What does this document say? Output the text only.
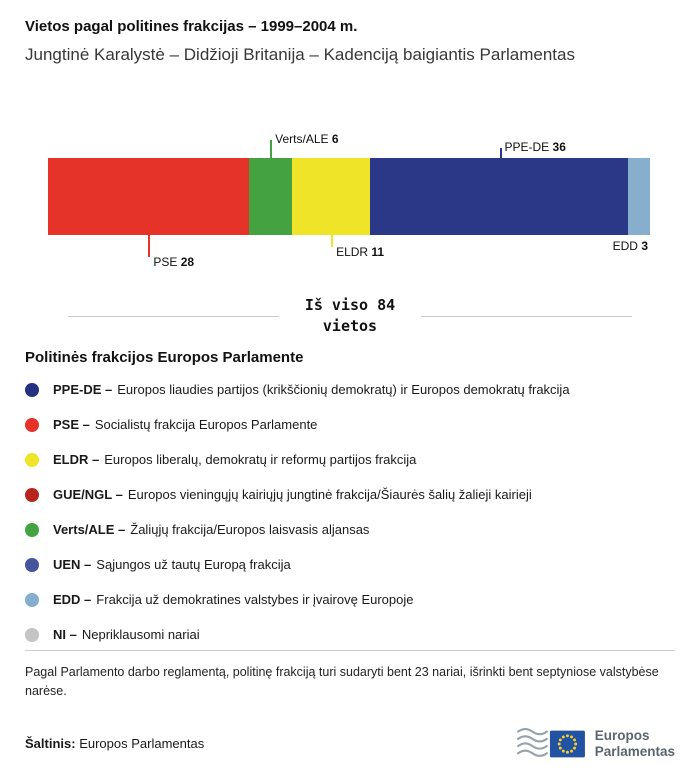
Vietos pagal politines frakcijas – 1999–2004 m.
Jungtinė Karalystė – Didžioji Britanija – Kadenciją baigiantis Parlamentas
PSE 28
Verts/ALE 6
ELDR 11
PPE-DE 36
EDD 3
Iš viso 84
vietos
Politinės frakcijos Europos Parlamente
PPE-DE – Europos liaudies partijos (krikščionių demokratų) ir Europos demokratų frakcija
PSE – Socialistų frakcija Europos Parlamente
ELDR – Europos liberalų, demokratų ir reformų partijos frakcija
GUE/NGL – Europos vieningųjų kairiųjų jungtinė frakcija/Šiaurės šalių žalieji kairieji
Verts/ALE – Žaliųjų frakcija/Europos laisvasis aljansas
UEN – Sąjungos už tautų Europą frakcija
EDD – Frakcija už demokratines valstybes ir įvairovę Europoje
NI – Nepriklausomi nariai

Pagal Parlamento darbo reglamentą, politinę frakciją turi sudaryti bent 23 nariai, išrinkti bent septyniose valstybėse narėse.

Šaltinis: Europos Parlamentas
Europos
Parlamentas
